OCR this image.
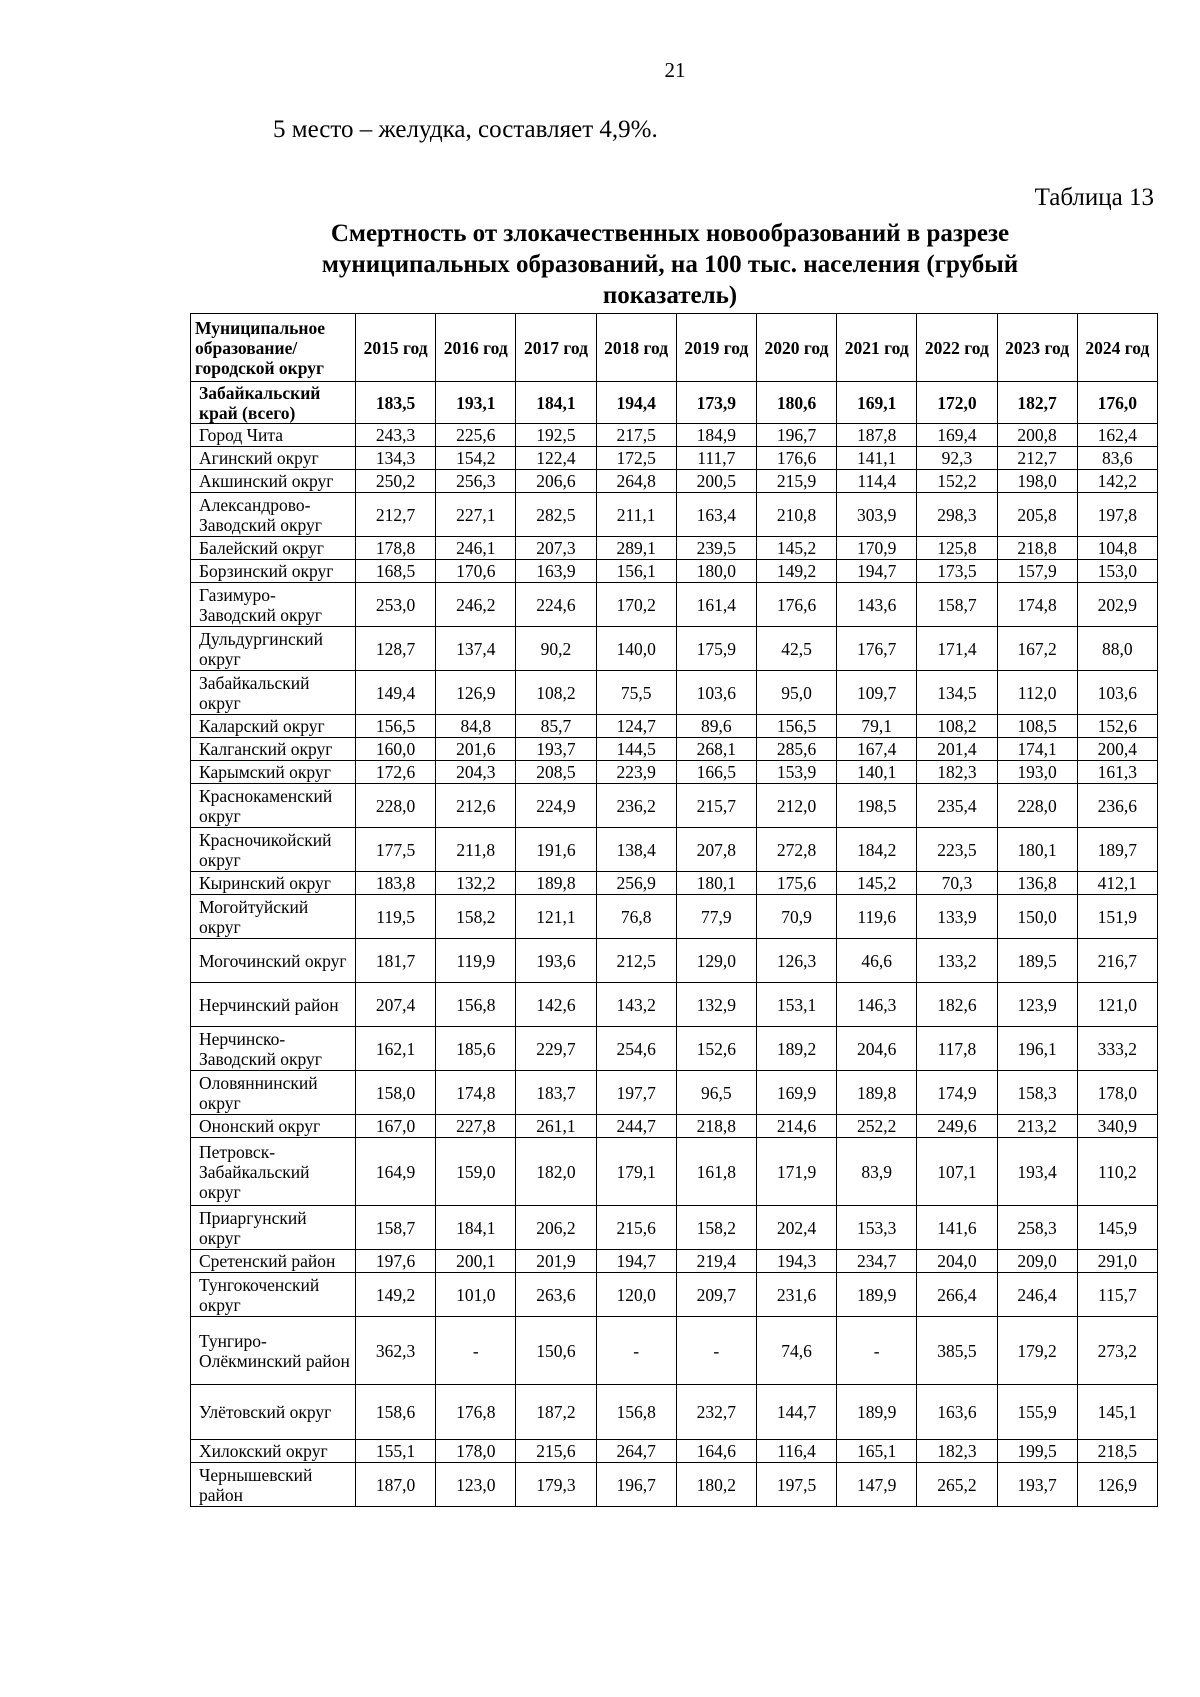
21
5 место – желудка, составляет 4,9%.
Таблица 13
Смертность от злокачественных новообразований в разрезе муниципальных образований, на 100 тыс. населения (грубый показатель)
Муниципальное образование/ городской округ	2015 год	2016 год	2017 год	2018 год	2019 год	2020 год	2021 год	2022 год	2023 год	2024 год
Забайкальский край (всего)	183,5	193,1	184,1	194,4	173,9	180,6	169,1	172,0	182,7	176,0
Город Чита	243,3	225,6	192,5	217,5	184,9	196,7	187,8	169,4	200,8	162,4
Агинский округ	134,3	154,2	122,4	172,5	111,7	176,6	141,1	92,3	212,7	83,6
Акшинский округ	250,2	256,3	206,6	264,8	200,5	215,9	114,4	152,2	198,0	142,2
Александрово-Заводский округ	212,7	227,1	282,5	211,1	163,4	210,8	303,9	298,3	205,8	197,8
Балейский округ	178,8	246,1	207,3	289,1	239,5	145,2	170,9	125,8	218,8	104,8
Борзинский округ	168,5	170,6	163,9	156,1	180,0	149,2	194,7	173,5	157,9	153,0
Газимуро-Заводский округ	253,0	246,2	224,6	170,2	161,4	176,6	143,6	158,7	174,8	202,9
Дульдургинский округ	128,7	137,4	90,2	140,0	175,9	42,5	176,7	171,4	167,2	88,0
Забайкальский округ	149,4	126,9	108,2	75,5	103,6	95,0	109,7	134,5	112,0	103,6
Каларский округ	156,5	84,8	85,7	124,7	89,6	156,5	79,1	108,2	108,5	152,6
Калганский округ	160,0	201,6	193,7	144,5	268,1	285,6	167,4	201,4	174,1	200,4
Карымский округ	172,6	204,3	208,5	223,9	166,5	153,9	140,1	182,3	193,0	161,3
Краснокаменский округ	228,0	212,6	224,9	236,2	215,7	212,0	198,5	235,4	228,0	236,6
Красночикойский округ	177,5	211,8	191,6	138,4	207,8	272,8	184,2	223,5	180,1	189,7
Кыринский округ	183,8	132,2	189,8	256,9	180,1	175,6	145,2	70,3	136,8	412,1
Могойтуйский округ	119,5	158,2	121,1	76,8	77,9	70,9	119,6	133,9	150,0	151,9
Могочинский округ	181,7	119,9	193,6	212,5	129,0	126,3	46,6	133,2	189,5	216,7
Нерчинский район	207,4	156,8	142,6	143,2	132,9	153,1	146,3	182,6	123,9	121,0
Нерчинско-Заводский округ	162,1	185,6	229,7	254,6	152,6	189,2	204,6	117,8	196,1	333,2
Оловяннинский округ	158,0	174,8	183,7	197,7	96,5	169,9	189,8	174,9	158,3	178,0
Ононский округ	167,0	227,8	261,1	244,7	218,8	214,6	252,2	249,6	213,2	340,9
Петровск-Забайкальский округ	164,9	159,0	182,0	179,1	161,8	171,9	83,9	107,1	193,4	110,2
Приаргунский округ	158,7	184,1	206,2	215,6	158,2	202,4	153,3	141,6	258,3	145,9
Сретенский район	197,6	200,1	201,9	194,7	219,4	194,3	234,7	204,0	209,0	291,0
Тунгокоченский округ	149,2	101,0	263,6	120,0	209,7	231,6	189,9	266,4	246,4	115,7
Тунгиро-Олёкминский район	362,3	-	150,6	-	-	74,6	-	385,5	179,2	273,2
Улётовский округ	158,6	176,8	187,2	156,8	232,7	144,7	189,9	163,6	155,9	145,1
Хилокский округ	155,1	178,0	215,6	264,7	164,6	116,4	165,1	182,3	199,5	218,5
Чернышевский район	187,0	123,0	179,3	196,7	180,2	197,5	147,9	265,2	193,7	126,9
